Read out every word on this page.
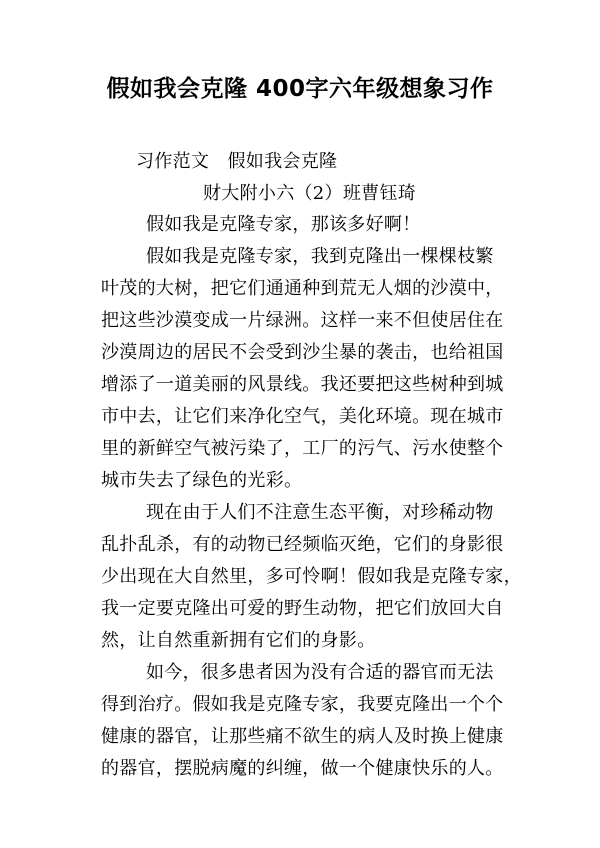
假如我会克隆 400字六年级想象习作
习作范文　假如我会克隆
财大附小六（2）班曹钰琦
假如我是克隆专家，那该多好啊！
假如我是克隆专家，我到克隆出一棵棵枝繁
叶茂的大树，把它们通通种到荒无人烟的沙漠中，
把这些沙漠变成一片绿洲。这样一来不但使居住在
沙漠周边的居民不会受到沙尘暴的袭击，也给祖国
增添了一道美丽的风景线。我还要把这些树种到城
市中去，让它们来净化空气，美化环境。现在城市
里的新鲜空气被污染了，工厂的污气、污水使整个
城市失去了绿色的光彩。
现在由于人们不注意生态平衡，对珍稀动物
乱扑乱杀，有的动物已经频临灭绝，它们的身影很
少出现在大自然里，多可怜啊！假如我是克隆专家，
我一定要克隆出可爱的野生动物，把它们放回大自
然，让自然重新拥有它们的身影。
如今，很多患者因为没有合适的器官而无法
得到治疗。假如我是克隆专家，我要克隆出一个个
健康的器官，让那些痛不欲生的病人及时换上健康
的器官，摆脱病魔的纠缠，做一个健康快乐的人。
